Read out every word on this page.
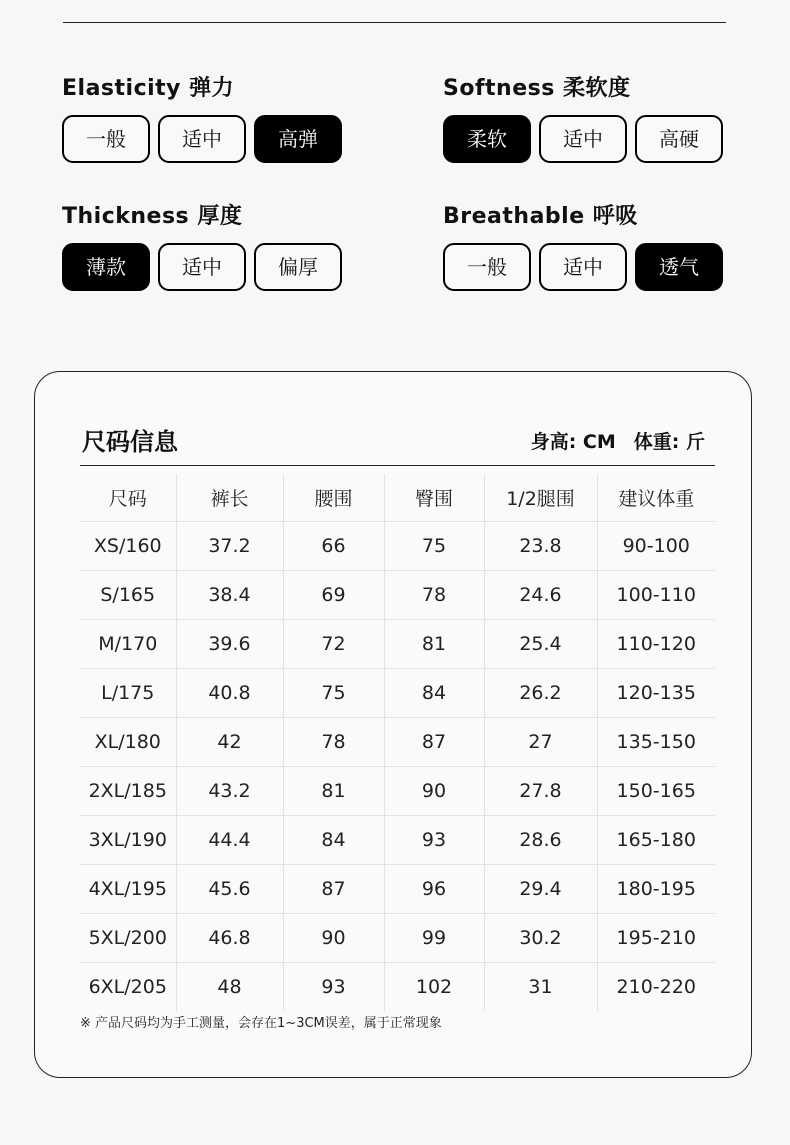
Elasticity 弹力
一般	适中	高弹
Softness 柔软度
柔软	适中	高硬
Thickness 厚度
薄款	适中	偏厚
Breathable 呼吸
一般	适中	透气
尺码信息	身高: CM 体重: 斤
尺码	裤长	腰围	臀围	1/2腿围	建议体重
XS/160	37.2	66	75	23.8	90-100
S/165	38.4	69	78	24.6	100-110
M/170	39.6	72	81	25.4	110-120
L/175	40.8	75	84	26.2	120-135
XL/180	42	78	87	27	135-150
2XL/185	43.2	81	90	27.8	150-165
3XL/190	44.4	84	93	28.6	165-180
4XL/195	45.6	87	96	29.4	180-195
5XL/200	46.8	90	99	30.2	195-210
6XL/205	48	93	102	31	210-220
※ 产品尺码均为手工测量，会存在1~3CM误差，属于正常现象
